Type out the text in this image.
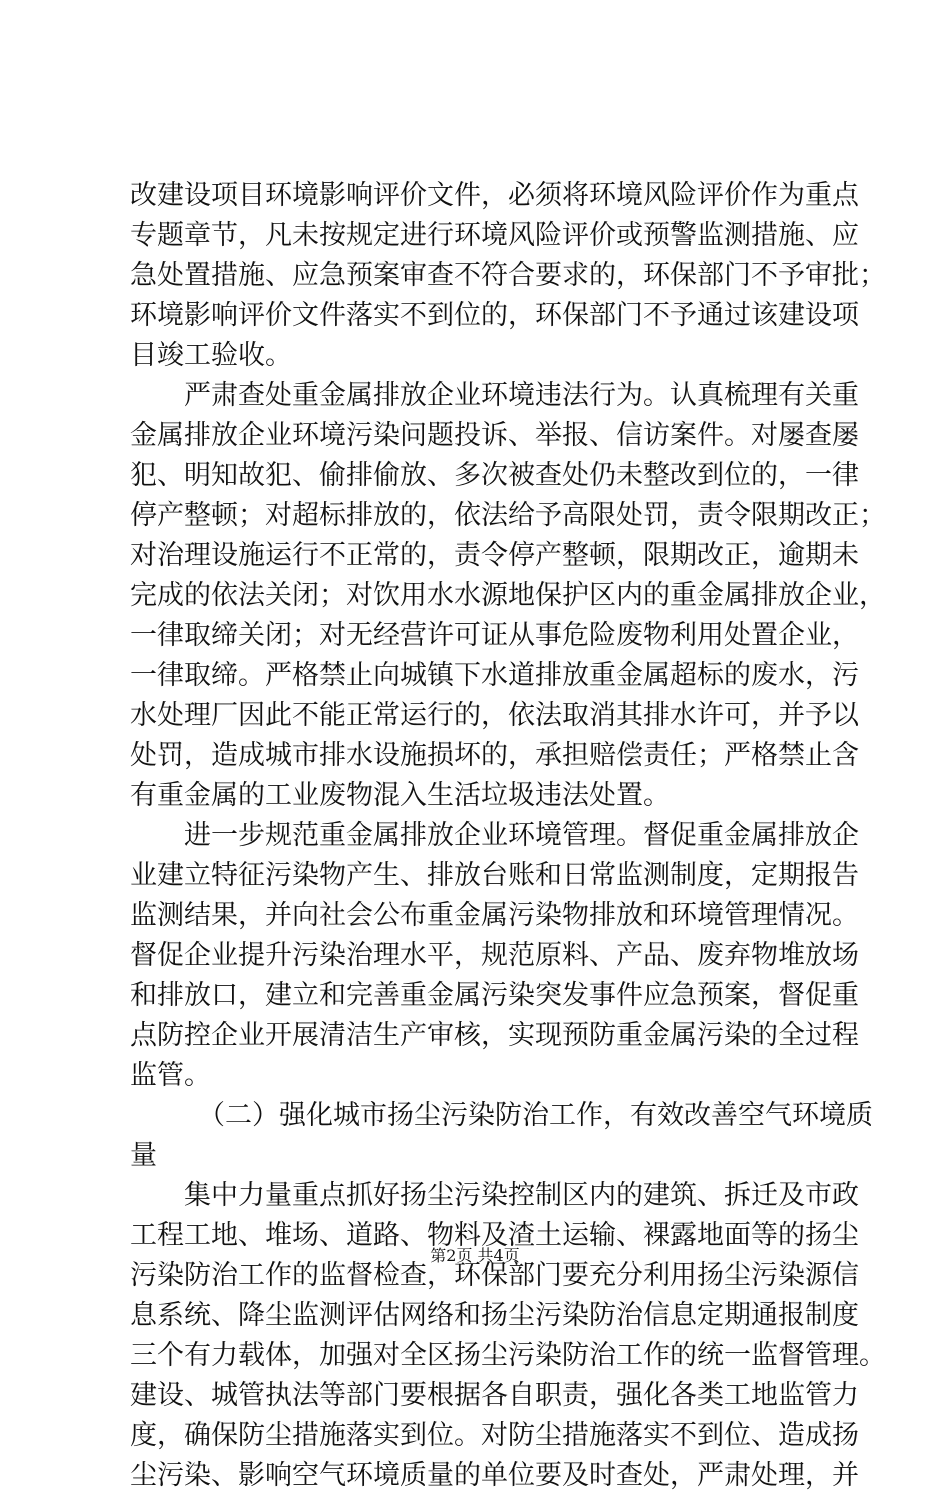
改建设项目环境影响评价文件，必须将环境风险评价作为重点
专题章节，凡未按规定进行环境风险评价或预警监测措施、应
急处置措施、应急预案审查不符合要求的，环保部门不予审批；
环境影响评价文件落实不到位的，环保部门不予通过该建设项
目竣工验收。
严肃查处重金属排放企业环境违法行为。认真梳理有关重
金属排放企业环境污染问题投诉、举报、信访案件。对屡查屡
犯、明知故犯、偷排偷放、多次被查处仍未整改到位的，一律
停产整顿；对超标排放的，依法给予高限处罚，责令限期改正；
对治理设施运行不正常的，责令停产整顿，限期改正，逾期未
完成的依法关闭；对饮用水水源地保护区内的重金属排放企业，
一律取缔关闭；对无经营许可证从事危险废物利用处置企业，
一律取缔。严格禁止向城镇下水道排放重金属超标的废水，污
水处理厂因此不能正常运行的，依法取消其排水许可，并予以
处罚，造成城市排水设施损坏的，承担赔偿责任；严格禁止含
有重金属的工业废物混入生活垃圾违法处置。
进一步规范重金属排放企业环境管理。督促重金属排放企
业建立特征污染物产生、排放台账和日常监测制度，定期报告
监测结果，并向社会公布重金属污染物排放和环境管理情况。
督促企业提升污染治理水平，规范原料、产品、废弃物堆放场
和排放口，建立和完善重金属污染突发事件应急预案，督促重
点防控企业开展清洁生产审核，实现预防重金属污染的全过程
监管。
（二）强化城市扬尘污染防治工作，有效改善空气环境质
量
集中力量重点抓好扬尘污染控制区内的建筑、拆迁及市政
工程工地、堆场、道路、物料及渣土运输、裸露地面等的扬尘
污染防治工作的监督检查，环保部门要充分利用扬尘污染源信
息系统、降尘监测评估网络和扬尘污染防治信息定期通报制度
三个有力载体，加强对全区扬尘污染防治工作的统一监督管理。
建设、城管执法等部门要根据各自职责，强化各类工地监管力
度，确保防尘措施落实到位。对防尘措施落实不到位、造成扬
尘污染、影响空气环境质量的单位要及时查处，严肃处理，并
第2页 共4页
